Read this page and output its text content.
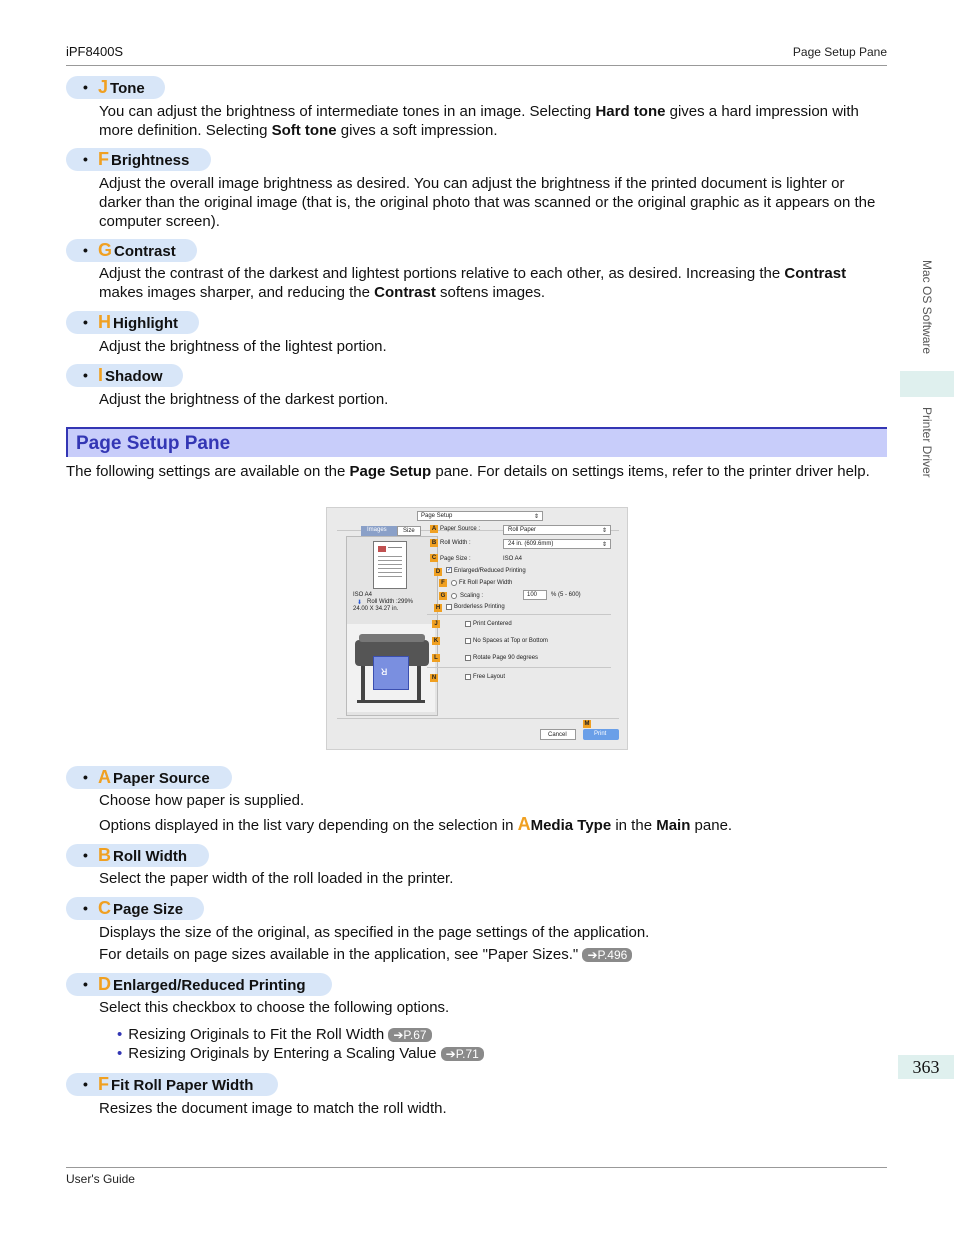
iPF8400S	Page Setup Pane
User's Guide
Mac OS Software
Printer Driver
363
• J Tone
You can adjust the brightness of intermediate tones in an image. Selecting Hard tone gives a hard impression with more definition. Selecting Soft tone gives a soft impression.
• F Brightness
Adjust the overall image brightness as desired. You can adjust the brightness if the printed document is lighter or darker than the original image (that is, the original photo that was scanned or the original graphic as it appears on the computer screen).
• G Contrast
Adjust the contrast of the darkest and lightest portions relative to each other, as desired. Increasing the Contrast makes images sharper, and reducing the Contrast softens images.
• H Highlight
Adjust the brightness of the lightest portion.
• I Shadow
Adjust the brightness of the darkest portion.
Page Setup Pane
The following settings are available on the Page Setup pane. For details on settings items, refer to the printer driver help.
Page Setup	⇕
Images	Size
ISO A4
⬇ Roll Width :299%
24.00 X 34.27 in.
ᴚ
A Paper Source :	Roll Paper	⇕
B Roll Width :	24 in. (609.6mm)	⇕
C Page Size :	ISO A4
D	✓ Enlarged/Reduced Printing
F	Fit Roll Paper Width
G Scaling :	100 % (5 - 600)
H	Borderless Printing
J	Print Centered
K	No Spaces at Top or Bottom
L	Rotate Page 90 degrees
N	Free Layout
M
Cancel	Print
• A Paper Source
Choose how paper is supplied.
Options displayed in the list vary depending on the selection in AMedia Type in the Main pane.
• B Roll Width
Select the paper width of the roll loaded in the printer.
• C Page Size
Displays the size of the original, as specified in the page settings of the application.
For details on page sizes available in the application, see "Paper Sizes." ➔P.496
• D Enlarged/Reduced Printing
Select this checkbox to choose the following options.
• Resizing Originals to Fit the Roll Width ➔P.67
• Resizing Originals by Entering a Scaling Value ➔P.71
• F Fit Roll Paper Width
Resizes the document image to match the roll width.
